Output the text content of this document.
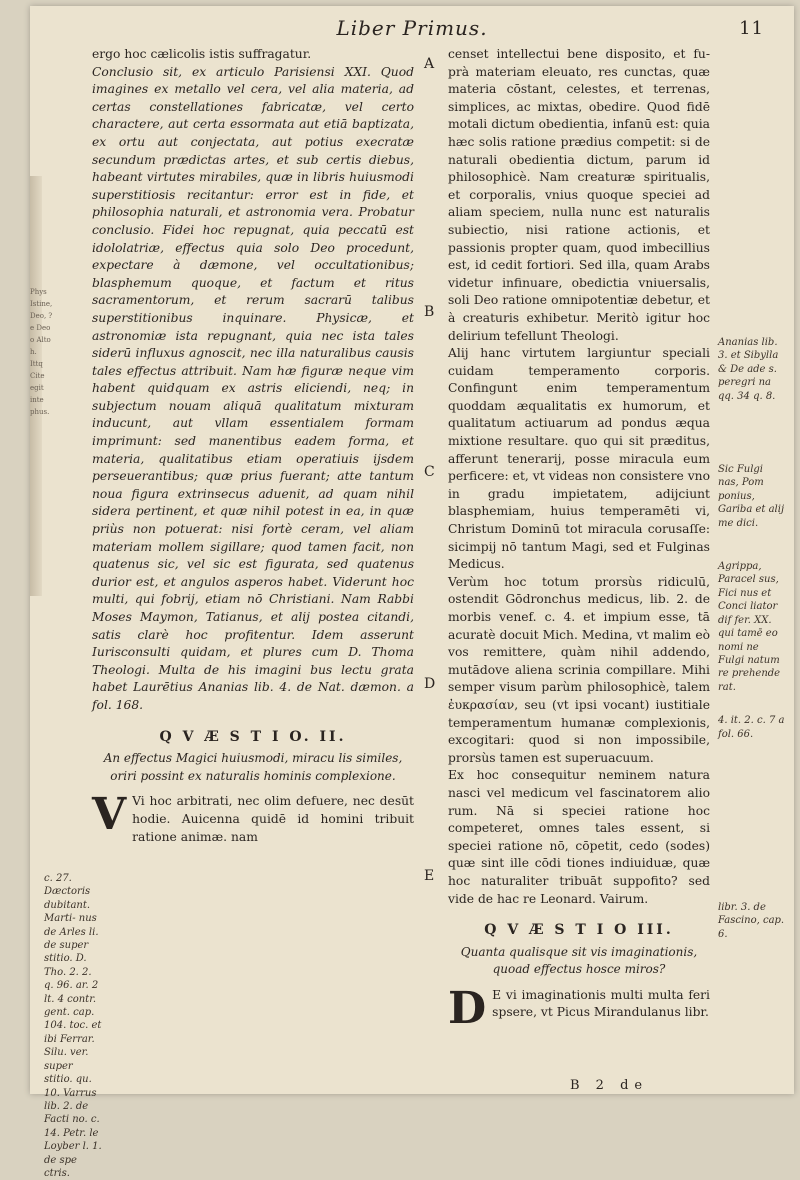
Phys
Istine,
Deo, ?
e Deo
o Alto
h.
Ittq
Cite
egit
inte
phus.
Liber Primus.	11

ergo hoc cælicolis istis suffragatur.

Conclusio sit, ex articulo Parisiensi XXI. Quod imagines ex metallo vel cera, vel alia materia, ad certas constellationes fabricatæ, vel certo charactere, aut certa essormata aut etiā baptizata, ex ortu aut conjectata, aut potius execratæ secundum prædictas artes, et sub certis diebus, habeant virtutes mirabiles, quæ in libris huiusmodi superstitiosis recitantur: error est in fide, et philosophia naturali, et astronomia vera. Probatur conclusio. Fidei hoc repugnat, quia peccatū est idololatriæ, effectus quia solo Deo procedunt, expectare à dæmone, vel occultationibus; blasphemum quoque, et factum et ritus sacramentorum, et rerum sacrarū talibus superstitionibus inquinare. Physicæ, et astronomiæ ista repugnant, quia nec ista tales siderū influxus agnoscit, nec illa naturalibus causis tales effectus attribuit. Nam hæ figuræ neque vim habent quidquam ex astris eliciendi, neq; in subjectum nouam aliquā qualitatum mixturam inducunt, aut vllam essentialem formam imprimunt: sed manentibus eadem forma, et materia, qualitatibus etiam operatiuis ijsdem perseuerantibus; quæ prius fuerant; atte tantum noua figura extrinsecus aduenit, ad quam nihil sidera pertinent, et quæ nihil potest in ea, in quæ priùs non potuerat: nisi fortè ceram, vel aliam materiam mollem sigillare; quod tamen facit, non quatenus sic, vel sic est figurata, sed quatenus durior est, et angulos asperos habet. Viderunt hoc multi, qui fobrij, etiam nō Christiani. Nam Rabbi Moses Maymon, Tatianus, et alij postea citandi, satis clarè hoc profitentur. Idem asserunt Iurisconsulti quidam, et plures cum D. Thoma Theologi. Multa de his imagini bus lectu grata habet Laurētius Ananias lib. 4. de Nat. dæmon. a fol. 168.

Q V Æ S T I O. II.
An effectus Magici huiusmodi, miracu lis similes, oriri possint ex naturalis hominis complexione.

V Vi hoc arbitrati, nec olim defuere, nec desūt hodie. Auicenna quidē id homini tribuit ratione animæ. nam

A
B
C
D
E

censet intellectui bene disposito, et fu- prà materiam eleuato, res cunctas, quæ materia cōstant, celestes, et terrenas, simplices, ac mixtas, obedire. Quod fidē motali dictum obedientia, infanū est: quia hæc solis ratione prædius competit: si de naturali obedientia dictum, parum id philosophicè. Nam creaturæ spiritualis, et corporalis, vnius quoque speciei ad aliam speciem, nulla nunc est naturalis subiectio, nisi ratione actionis, et passionis propter quam, quod imbecillius est, id cedit fortiori. Sed illa, quam Arabs videtur infinuare, obedictia vniuersalis, soli Deo ratione omnipotentiæ debetur, et à creaturis exhibetur. Meritò igitur hoc delirium tefellunt Theologi.

Alij hanc virtutem largiuntur speciali cuidam temperamento corporis. Confingunt enim temperamentum quoddam æqualitatis ex humorum, et qualitatum actiuarum ad pondus æqua mixtione resultare. quo qui sit præditus, afferunt tenerarij, posse miracula eum perficere: et, vt videas non consistere vno in gradu impietatem, adijciunt blasphemiam, huius temperamēti vi, Christum Dominū tot miracula corusaſſe: sicimpij nō tantum Magi, sed et Fulginas Medicus.

Verùm hoc totum prorsùs ridiculū, ostendit Gōdronchus medicus, lib. 2. de morbis venef. c. 4. et impium esse, tā acuratè docuit Mich. Medina, vt malim eò vos remittere, quàm nihil addendo, mutādove aliena scrinia compillare. Mihi semper visum parùm philosophicè, talem ἐυκρασίαν, seu (vt ipsi vocant) iustitiale temperamentum humanæ complexionis, excogitari: quod si non impossibile, prorsùs tamen est superuacuum.

Ex hoc consequitur neminem natura nasci vel medicum vel fascinatorem alio rum. Nā si speciei ratione hoc competeret, omnes tales essent, si speciei ratione nō, cōpetit, cedo (sodes) quæ sint ille cōdi tiones indiuiduæ, quæ hoc naturaliter tribuāt suppofito? sed vide de hac re Leonard. Vairum.

Q V Æ S T I O III.
Quanta qualisque sit vis imaginationis, quoad effectus hosce miros?

D E vi imaginationis multi multa feri spsere, vt Picus Mirandulanus libr.

c. 27. Dæctoris dubitant. Marti- nus de Arles li. de super stitio. D. Tho. 2. 2. q. 96. ar. 2 lt. 4 contr. gent. cap. 104. toc. et ibi Ferrar. Silu. ver. super stitio. qu. 10. Varrus lib. 2. de Facti no. c. 14. Petr. le Loyber l. 1. de spe ctris.
Ananias lib. 3. et Sibylla & De ade s. peregri na qq. 34 q. 8.
Sic Fulgi nas, Pom ponius, Gariba et alij me dici.
Agrippa, Paracel sus, Fici nus et Conci liator dif fer. XX. qui tamē eo nomi ne Fulgi natum re prehende rat.
4. it. 2. c. 7 a fol. 66.
libr. 3. de Fascino, cap. 6.
B 2 de
